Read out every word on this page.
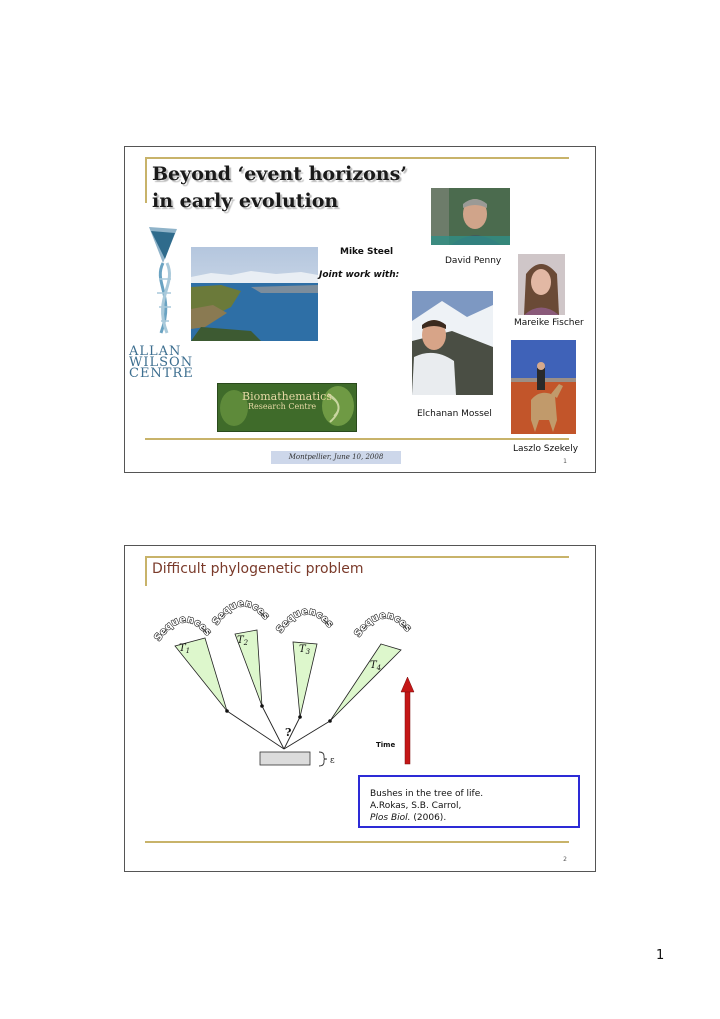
Beyond ‘event horizons’
in early evolution
ALLAN
WILSON
CENTRE
Mike Steel
Joint work with:
David Penny
Mareike Fischer
Elchanan Mossel
Laszlo Szekely
Biomathematics
Research Centre
Montpellier, June 10, 2008
1
Difficult phylogenetic problem
Sequences
Sequences
Sequences
Sequences
$T_1$
$T_2$
$T_3$
$T_4$
?
ε
Time
Bushes in the tree of life.
A.Rokas, S.B. Carrol,
Plos Biol. (2006).
2
1
